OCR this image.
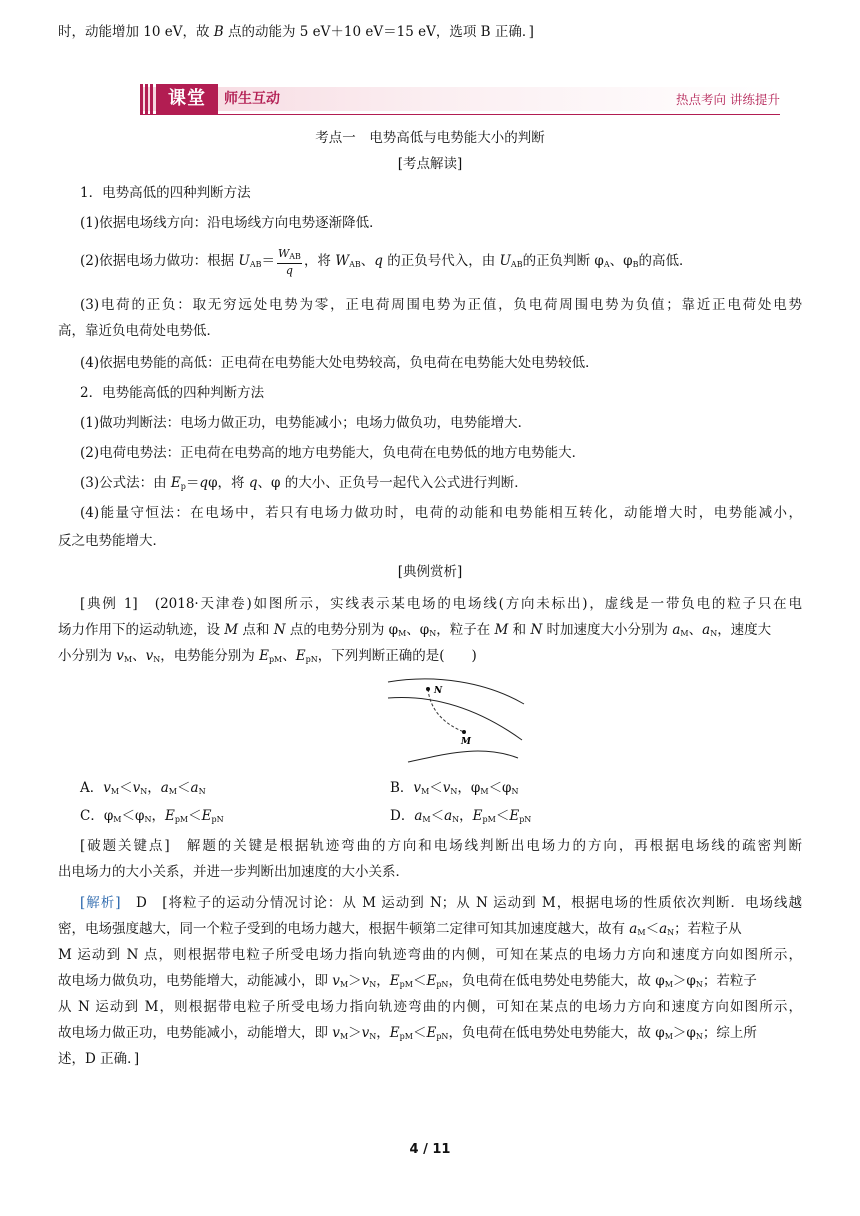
时，动能增加 10 eV，故 B 点的动能为 5 eV＋10 eV＝15 eV，选项 B 正确．]
课堂	师生互动	热点考向 讲练提升
考点一　电势高低与电势能大小的判断
[考点解读]
1．电势高低的四种判断方法
(1)依据电场线方向：沿电场线方向电势逐渐降低．
(2)依据电场力做功：根据 $U_{AB}= \frac{W_{AB}}{q}$ ，将 $W_{AB}$、q 的正负号代入，由 $U_{AB}$的正负判断 $\varphi_A$、$\varphi_B$的高低．
(3)电荷的正负：取无穷远处电势为零，正电荷周围电势为正值，负电荷周围电势为负值；靠近正电荷处电势
高，靠近负电荷处电势低．
(4)依据电势能的高低：正电荷在电势能大处电势较高，负电荷在电势能大处电势较低．
2．电势能高低的四种判断方法
(1)做功判断法：电场力做正功，电势能减小；电场力做负功，电势能增大．
(2)电荷电势法：正电荷在电势高的地方电势能大，负电荷在电势低的地方电势能大．
(3)公式法：由 $E_p=q\varphi$，将 q、φ 的大小、正负号一起代入公式进行判断．
(4)能量守恒法：在电场中，若只有电场力做功时，电荷的动能和电势能相互转化，动能增大时，电势能减小，
反之电势能增大．
[典例赏析]
[典例 1]　(2018·天津卷)如图所示，实线表示某电场的电场线(方向未标出)，虚线是一带负电的粒子只在电
场力作用下的运动轨迹，设 M 点和 N 点的电势分别为 $\varphi_M$、$\varphi_N$，粒子在 M 和 N 时加速度大小分别为 $a_M$、$a_N$，速度大
小分别为 $v_M$、$v_N$，电势能分别为 $E_{pM}$、$E_{pN}$，下列判断正确的是(　　)
N
M
A．$v_M<v_N$，$a_M<a_N$	B．$v_M<v_N$，$\varphi_M<\varphi_N$
C．$\varphi_M<\varphi_N$，$E_{pM}<E_{pN}$	D．$a_M<a_N$，$E_{pM}<E_{pN}$
[破题关键点]　解题的关键是根据轨迹弯曲的方向和电场线判断出电场力的方向，再根据电场线的疏密判断
出电场力的大小关系，并进一步判断出加速度的大小关系．
[解析]　D　[将粒子的运动分情况讨论：从 M 运动到 N；从 N 运动到 M，根据电场的性质依次判断．电场线越
密，电场强度越大，同一个粒子受到的电场力越大，根据牛顿第二定律可知其加速度越大，故有 $a_M<a_N$；若粒子从
M 运动到 N 点，则根据带电粒子所受电场力指向轨迹弯曲的内侧，可知在某点的电场力方向和速度方向如图所示，
故电场力做负功，电势能增大，动能减小，即 $v_M>v_N$，$E_{pM}<E_{pN}$，负电荷在低电势处电势能大，故 $\varphi_M>\varphi_N$；若粒子
从 N 运动到 M，则根据带电粒子所受电场力指向轨迹弯曲的内侧，可知在某点的电场力方向和速度方向如图所示，
故电场力做正功，电势能减小，动能增大，即 $v_M>v_N$，$E_{pM}<E_{pN}$，负电荷在低电势处电势能大，故 $\varphi_M>\varphi_N$；综上所
述，D 正确．]
4 / 11
